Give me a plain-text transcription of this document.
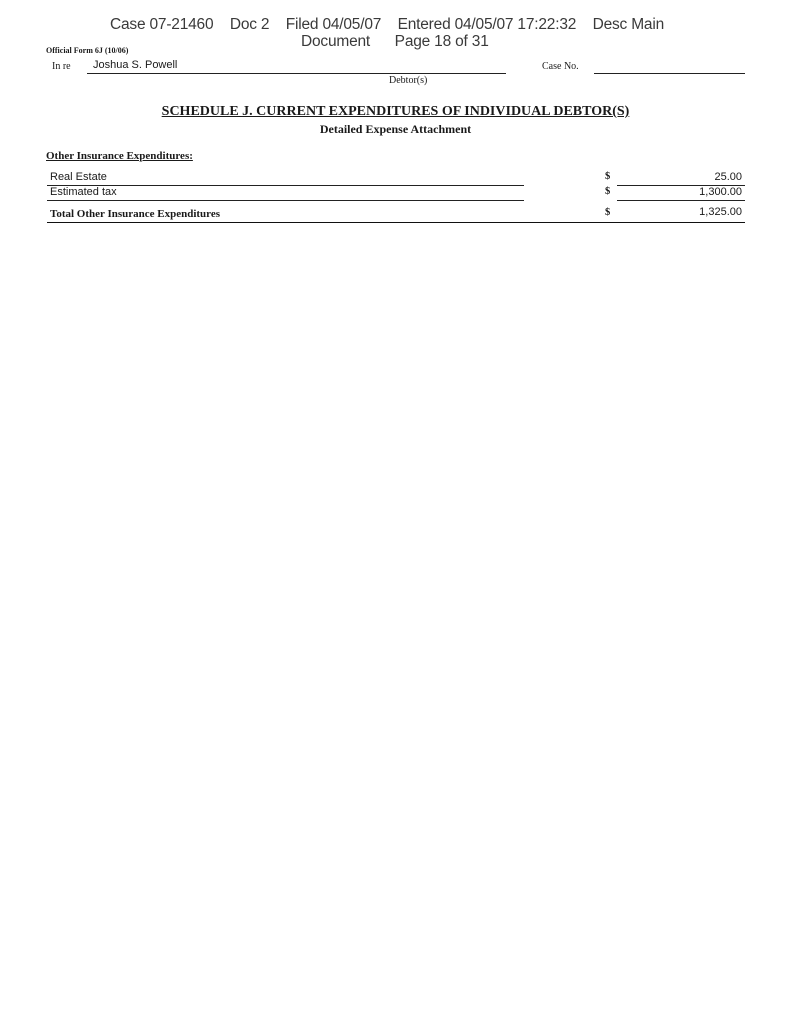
Case 07-21460    Doc 2    Filed 04/05/07    Entered 04/05/07 17:22:32    Desc Main
Document      Page 18 of 31
Official Form 6J (10/06)
In re Joshua S. Powell
Debtor(s)
Case No.
SCHEDULE J. CURRENT EXPENDITURES OF INDIVIDUAL DEBTOR(S)
Detailed Expense Attachment
Other Insurance Expenditures:
Real Estate	$	25.00
Estimated tax	$	1,300.00
Total Other Insurance Expenditures	$	1,325.00
